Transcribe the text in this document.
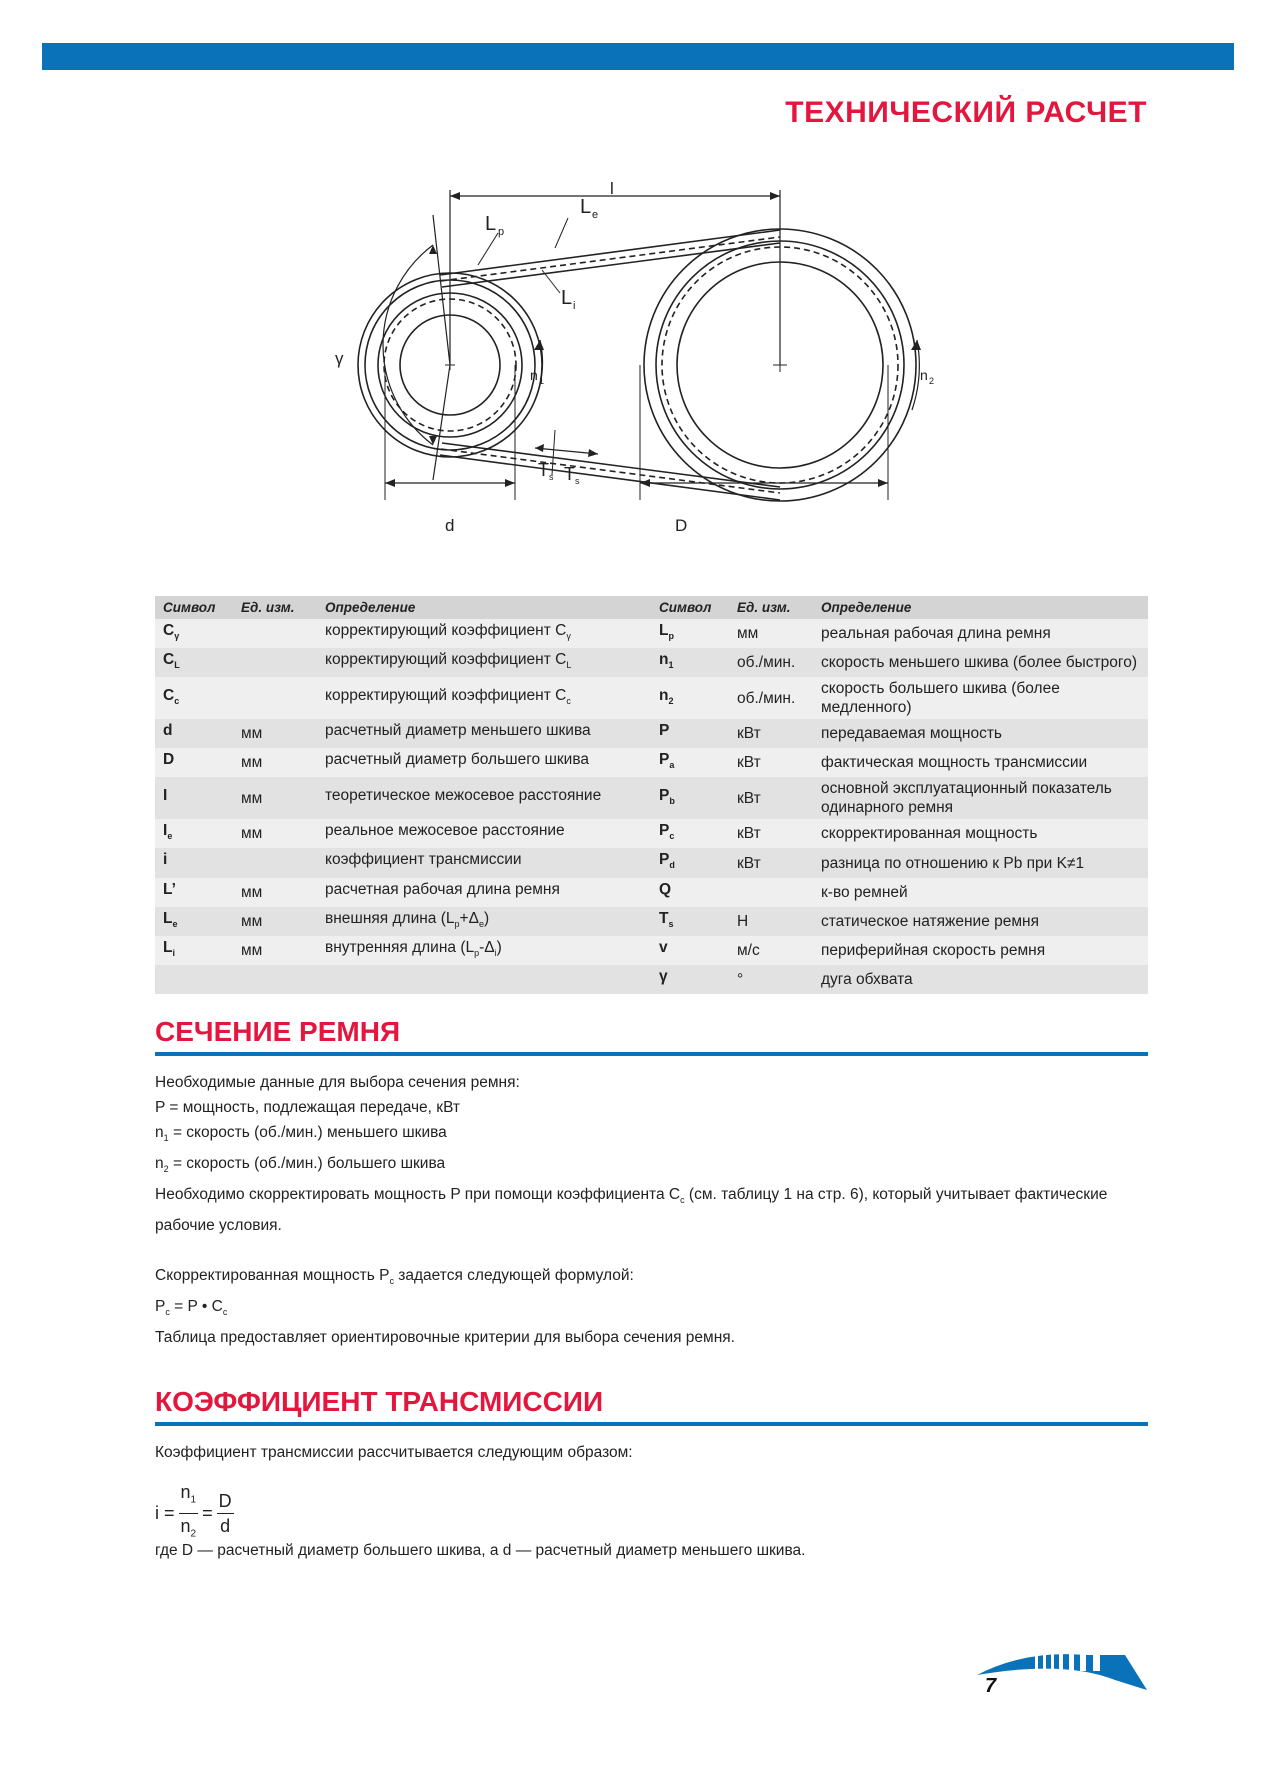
ТЕХНИЧЕСКИЙ РАСЧЕТ
l
L e
L p
L i
γ
n 1	n 2
T s T s
d	D
Символ	Ед. изм.	Определение	Символ	Ед. изм.	Определение
$C_\gamma$		корректирующий коэффициент $C_\gamma$	$L_p$	мм	реальная рабочая длина ремня
$C_L$		корректирующий коэффициент $C_L$	$n_1$	об./мин.	скорость меньшего шкива (более быстрого)
$C_c$		корректирующий коэффициент $C_c$	$n_2$	об./мин.	скорость большего шкива (более медленного)
d	мм	расчетный диаметр меньшего шкива	P	кВт	передаваемая мощность
D	мм	расчетный диаметр большего шкива	$P_a$	кВт	фактическая мощность трансмиссии
I	мм	теоретическое межосевое расстояние	$P_b$	кВт	основной эксплуатационный показатель одинарного ремня
$I_e$	мм	реальное межосевое расстояние	$P_c$	кВт	скорректированная мощность
i		коэффициент трансмиссии	$P_d$	кВт	разница по отношению к Pb при K≠1
L’	мм	расчетная рабочая длина ремня	Q		к-во ремней
$L_e$	мм	внешняя длина $(L_p+\Delta_e)$	$T_s$	Н	статическое натяжение ремня
$L_i$	мм	внутренняя длина $(L_p-\Delta_i)$	v	м/с	периферийная скорость ремня
			γ	°	дуга обхвата
СЕЧЕНИЕ РЕМНЯ

Необходимые данные для выбора сечения ремня:

P = мощность, подлежащая передаче, кВт

$n_1$ = скорость (об./мин.) меньшего шкива

$n_2$ = скорость (об./мин.) большего шкива

Необходимо скорректировать мощность P при помощи коэффициента $C_c$ (см. таблицу 1 на стр. 6), который учитывает фактические рабочие условия.

Скорректированная мощность $P_c$ задается следующей формулой:

$P_c = P$ • $C_c$

Таблица предоставляет ориентировочные критерии для выбора сечения ремня.

КОЭФФИЦИЕНТ ТРАНСМИССИИ

Коэффициент трансмиссии рассчитывается следующим образом:

$i = \frac{n_1}{n_2} = \frac{D}{d}$

где D — расчетный диаметр большего шкива, а d — расчетный диаметр меньшего шкива.

7
